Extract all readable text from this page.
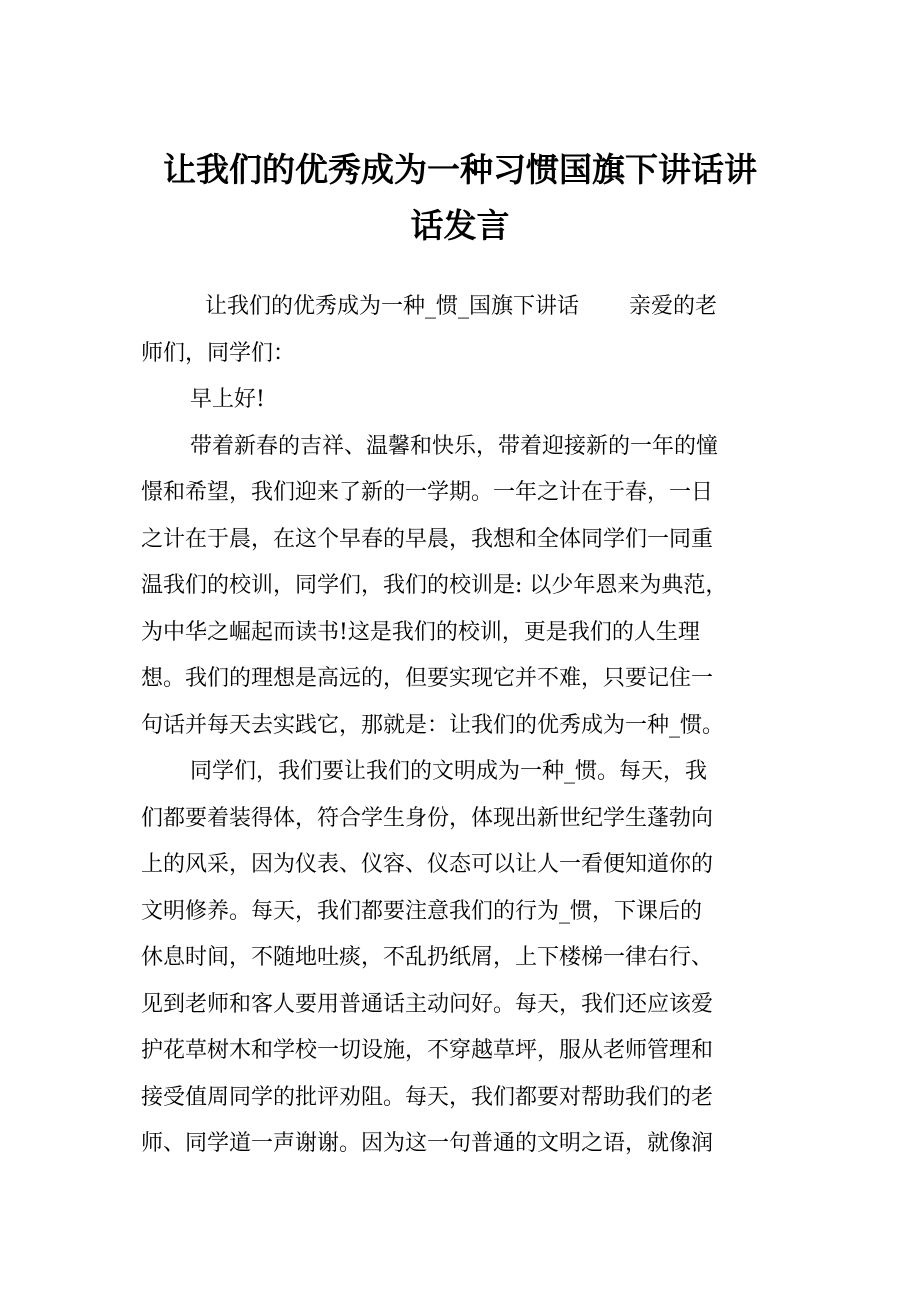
让我们的优秀成为一种习惯国旗下讲话讲
话发言
让我们的优秀成为一种_惯_国旗下讲话 亲爱的老
师们，同学们：
早上好!
带着新春的吉祥、温馨和快乐，带着迎接新的一年的憧
憬和希望，我们迎来了新的一学期。一年之计在于春，一日
之计在于晨，在这个早春的早晨，我想和全体同学们一同重
温我们的校训，同学们，我们的校训是: 以少年恩来为典范，
为中华之崛起而读书!这是我们的校训，更是我们的人生理
想。我们的理想是高远的，但要实现它并不难，只要记住一
句话并每天去实践它，那就是：让我们的优秀成为一种_惯。
同学们，我们要让我们的文明成为一种_惯。每天，我
们都要着装得体，符合学生身份，体现出新世纪学生蓬勃向
上的风采，因为仪表、仪容、仪态可以让人一看便知道你的
文明修养。每天，我们都要注意我们的行为_惯，下课后的
休息时间，不随地吐痰，不乱扔纸屑，上下楼梯一律右行、
见到老师和客人要用普通话主动问好。每天，我们还应该爱
护花草树木和学校一切设施，不穿越草坪，服从老师管理和
接受值周同学的批评劝阻。每天，我们都要对帮助我们的老
师、同学道一声谢谢。因为这一句普通的文明之语，就像润
